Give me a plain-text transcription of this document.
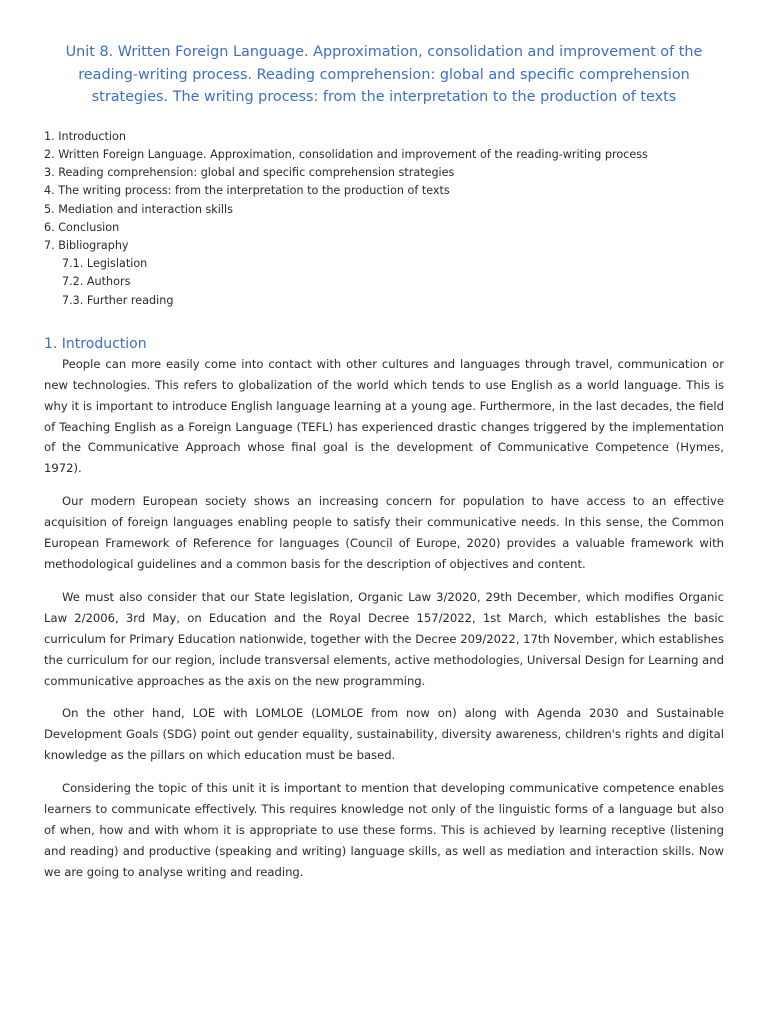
Unit 8. Written Foreign Language. Approximation, consolidation and improvement of the reading-writing process. Reading comprehension: global and specific comprehension strategies. The writing process: from the interpretation to the production of texts
1. Introduction
2. Written Foreign Language. Approximation, consolidation and improvement of the reading-writing process
3. Reading comprehension: global and specific comprehension strategies
4. The writing process: from the interpretation to the production of texts
5. Mediation and interaction skills
6. Conclusion
7. Bibliography
7.1. Legislation
7.2. Authors
7.3. Further reading
1. Introduction

People can more easily come into contact with other cultures and languages through travel, communication or new technologies. This refers to globalization of the world which tends to use English as a world language. This is why it is important to introduce English language learning at a young age. Furthermore, in the last decades, the field of Teaching English as a Foreign Language (TEFL) has experienced drastic changes triggered by the implementation of the Communicative Approach whose final goal is the development of Communicative Competence (Hymes, 1972).

Our modern European society shows an increasing concern for population to have access to an effective acquisition of foreign languages enabling people to satisfy their communicative needs. In this sense, the Common European Framework of Reference for languages (Council of Europe, 2020) provides a valuable framework with methodological guidelines and a common basis for the description of objectives and content.

We must also consider that our State legislation, Organic Law 3/2020, 29th December, which modifies Organic Law 2/2006, 3rd May, on Education and the Royal Decree 157/2022, 1st March, which establishes the basic curriculum for Primary Education nationwide, together with the Decree 209/2022, 17th November, which establishes the curriculum for our region, include transversal elements, active methodologies, Universal Design for Learning and communicative approaches as the axis on the new programming.

On the other hand, LOE with LOMLOE (LOMLOE from now on) along with Agenda 2030 and Sustainable Development Goals (SDG) point out gender equality, sustainability, diversity awareness, children's rights and digital knowledge as the pillars on which education must be based.

Considering the topic of this unit it is important to mention that developing communicative competence enables learners to communicate effectively. This requires knowledge not only of the linguistic forms of a language but also of when, how and with whom it is appropriate to use these forms. This is achieved by learning receptive (listening and reading) and productive (speaking and writing) language skills, as well as mediation and interaction skills. Now we are going to analyse writing and reading.
